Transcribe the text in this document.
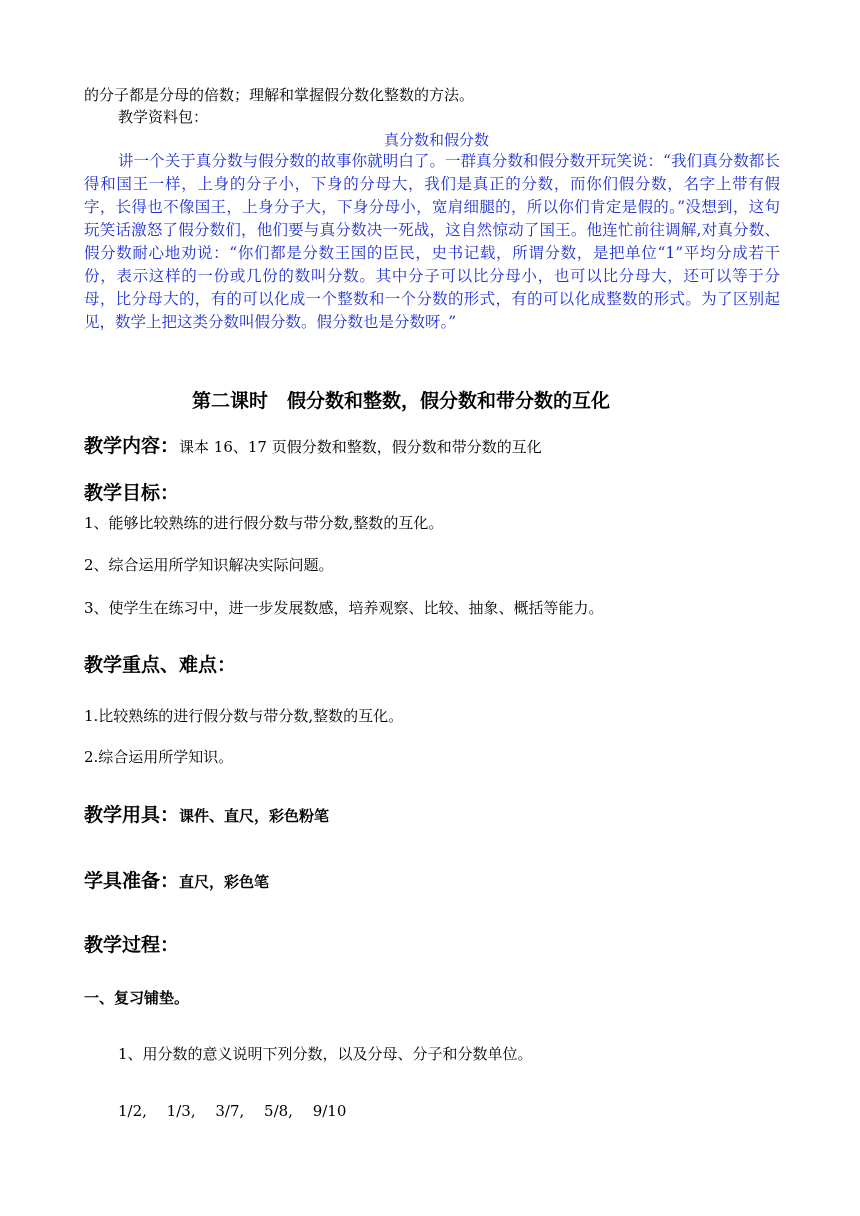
的分子都是分母的倍数；理解和掌握假分数化整数的方法。
教学资料包：
真分数和假分数
讲一个关于真分数与假分数的故事你就明白了。一群真分数和假分数开玩笑说：“我们真分数都长得和国王一样，上身的分子小，下身的分母大，我们是真正的分数，而你们假分数，名字上带有假字，长得也不像国王，上身分子大，下身分母小，宽肩细腿的，所以你们肯定是假的。”没想到，这句玩笑话激怒了假分数们，他们要与真分数决一死战，这自然惊动了国王。他连忙前往调解,对真分数、假分数耐心地劝说：“你们都是分数王国的臣民，史书记载，所谓分数，是把单位“1”平均分成若干份，表示这样的一份或几份的数叫分数。其中分子可以比分母小，也可以比分母大，还可以等于分母，比分母大的，有的可以化成一个整数和一个分数的形式，有的可以化成整数的形式。为了区别起见，数学上把这类分数叫假分数。假分数也是分数呀。”
第二课时　假分数和整数，假分数和带分数的互化
教学内容：课本 16、17 页假分数和整数，假分数和带分数的互化
教学目标：
1、能够比较熟练的进行假分数与带分数,整数的互化。
2、综合运用所学知识解决实际问题。
3、使学生在练习中，进一步发展数感，培养观察、比较、抽象、概括等能力。
教学重点、难点：
1.比较熟练的进行假分数与带分数,整数的互化。
2.综合运用所学知识。
教学用具：课件、直尺，彩色粉笔
学具准备：直尺，彩色笔
教学过程：
一、复习铺垫。
1、用分数的意义说明下列分数，以及分母、分子和分数单位。
1/2,　 1/3,　 3/7,　 5/8,　 9/10
